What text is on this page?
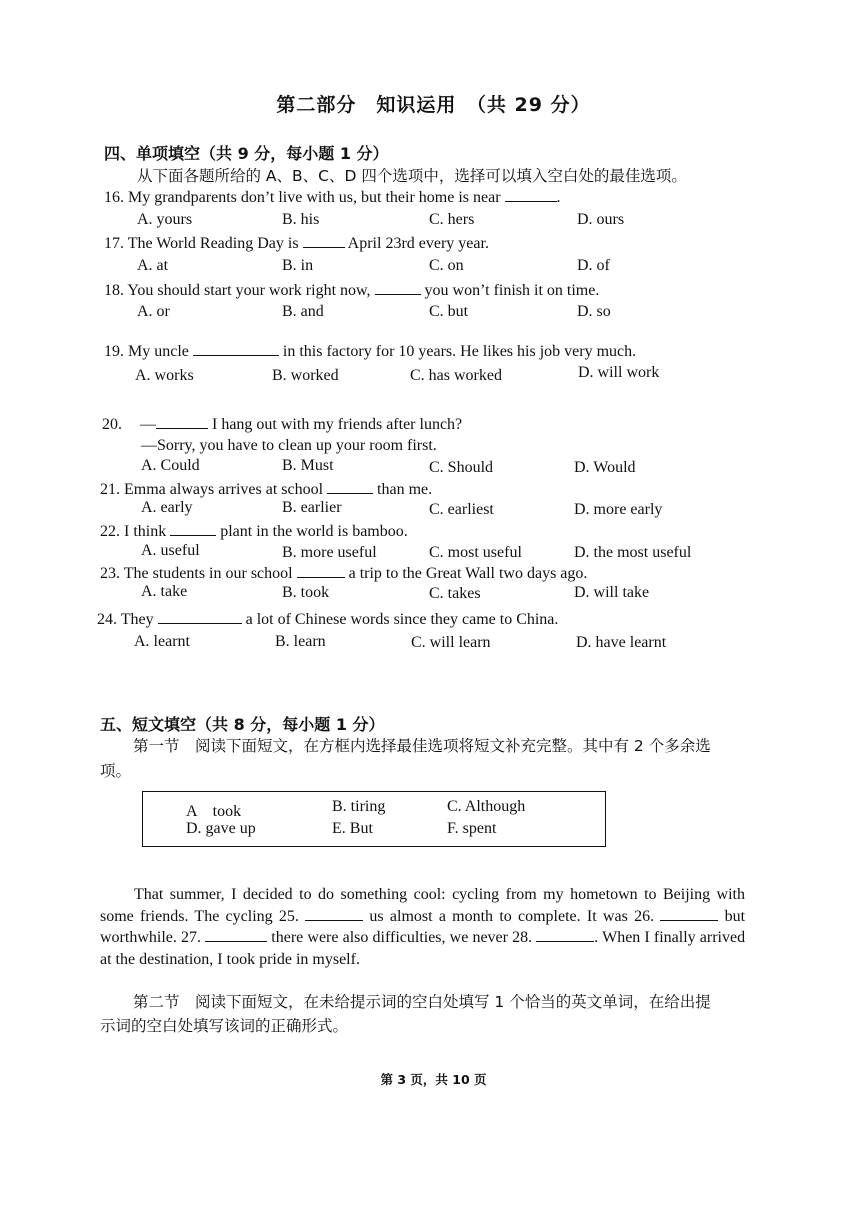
第二部分　知识运用　（共 29 分）
四、单项填空（共 9 分，每小题 1 分）
从下面各题所给的 A、B、C、D 四个选项中，选择可以填入空白处的最佳选项。
16. My grandparents don’t live with us, but their home is near	.
A. yours	B. his	C. hers	D. ours
17. The World Reading Day is	April 23rd every year.
A. at	B. in	C. on	D. of
18. You should start your work right now,	you won’t finish it on time.
A. or	B. and	C. but	D. so
19. My uncle	in this factory for 10 years. He likes his job very much.
A. works	B. worked	C. has worked	D. will work
20. —	I hang out with my friends after lunch?
—Sorry, you have to clean up your room first.
A. Could	B. Must	C. Should	D. Would
21. Emma always arrives at school	than me.
A. early	B. earlier	C. earliest	D. more early
22. I think	plant in the world is bamboo.
A. useful	B. more useful	C. most useful	D. the most useful
23. The students in our school	a trip to the Great Wall two days ago.
A. take	B. took	C. takes	D. will take
24. They	a lot of Chinese words since they came to China.
A. learnt	B. learn	C. will learn	D. have learnt
五、短文填空（共 8 分，每小题 1 分）
第一节　阅读下面短文，在方框内选择最佳选项将短文补充完整。其中有 2 个多余选
项。
A　took	B. tiring	C. Although
D. gave up	E. But	F. spent
That summer, I decided to do something cool: cycling from my hometown to Beijing with some friends. The cycling 25.	us almost a month to complete. It was 26.	but worthwhile. 27.	there were also difficulties, we never 28.	. When I finally arrived at the destination, I took pride in myself.
第二节　阅读下面短文，在未给提示词的空白处填写 1 个恰当的英文单词，在给出提
示词的空白处填写该词的正确形式。
第 3 页，共 10 页
